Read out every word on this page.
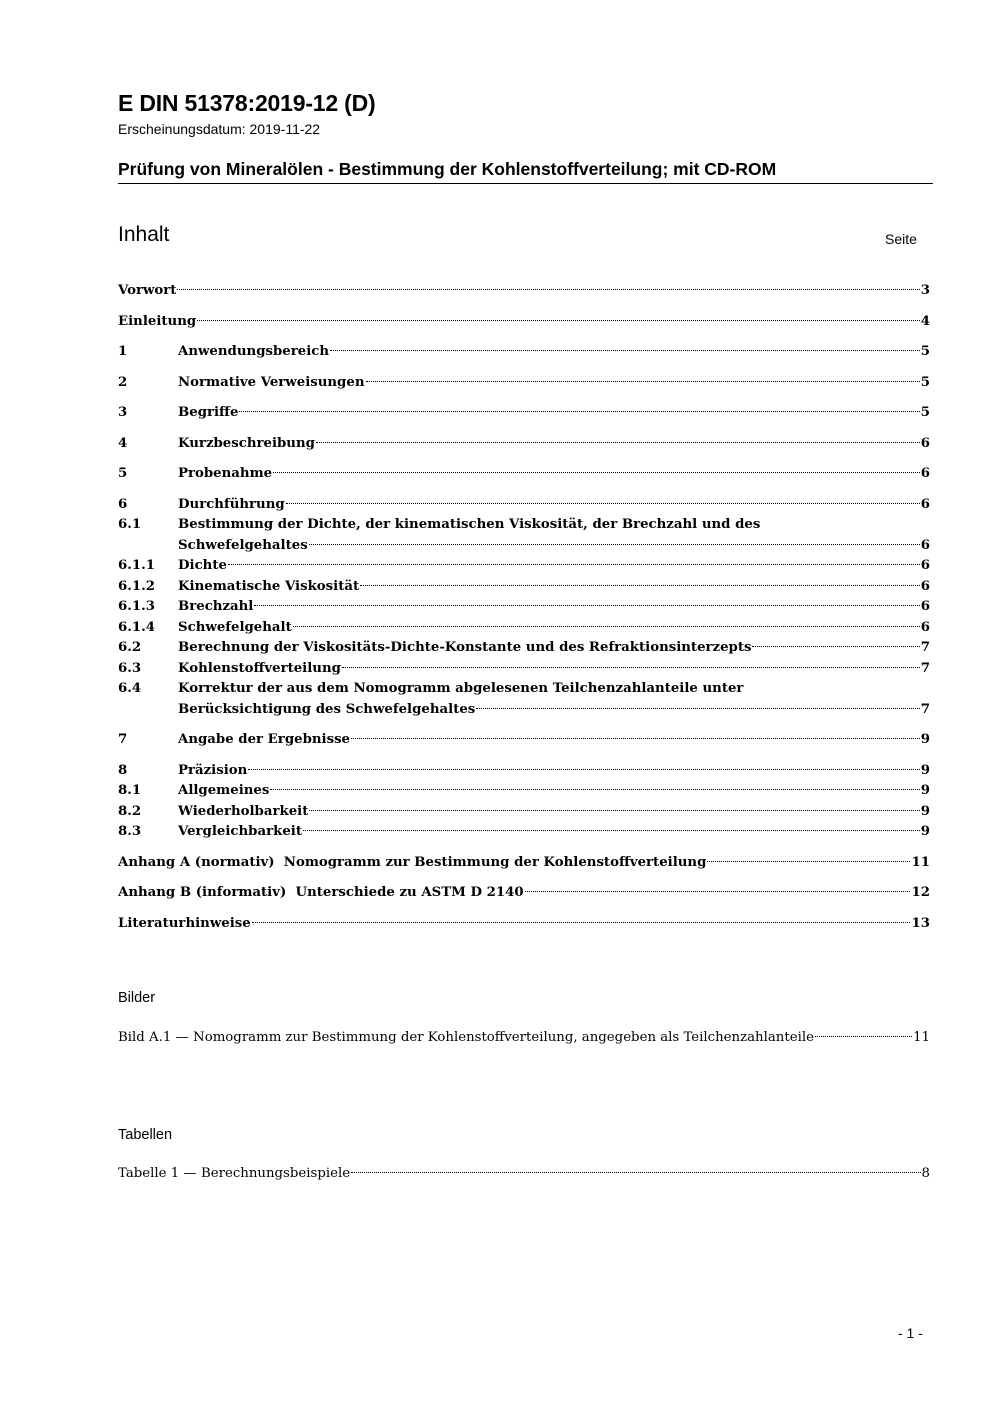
E DIN 51378:2019-12 (D)
Erscheinungsdatum: 2019-11-22
Prüfung von Mineralölen - Bestimmung der Kohlenstoffverteilung; mit CD-ROM
Inhalt	Seite
Vorwort	3
Einleitung	4
1	Anwendungsbereich	5
2	Normative Verweisungen	5
3	Begriffe	5
4	Kurzbeschreibung	6
5	Probenahme	6
6	Durchführung	6
6.1	Bestimmung der Dichte, der kinematischen Viskosität, der Brechzahl und des
Schwefelgehaltes	6
6.1.1	Dichte	6
6.1.2	Kinematische Viskosität	6
6.1.3	Brechzahl	6
6.1.4	Schwefelgehalt	6
6.2	Berechnung der Viskositäts-Dichte-Konstante und des Refraktionsinterzepts	7
6.3	Kohlenstoffverteilung	7
6.4	Korrektur der aus dem Nomogramm abgelesenen Teilchenzahlanteile unter
Berücksichtigung des Schwefelgehaltes	7
7	Angabe der Ergebnisse	9
8	Präzision	9
8.1	Allgemeines	9
8.2	Wiederholbarkeit	9
8.3	Vergleichbarkeit	9
Anhang A (normativ)  Nomogramm zur Bestimmung der Kohlenstoffverteilung	11
Anhang B (informativ)  Unterschiede zu ASTM D 2140	12
Literaturhinweise	13
Bilder
Bild A.1 — Nomogramm zur Bestimmung der Kohlenstoffverteilung, angegeben als Teilchenzahlanteile	11
Tabellen
Tabelle 1 — Berechnungsbeispiele	8
- 1 -
